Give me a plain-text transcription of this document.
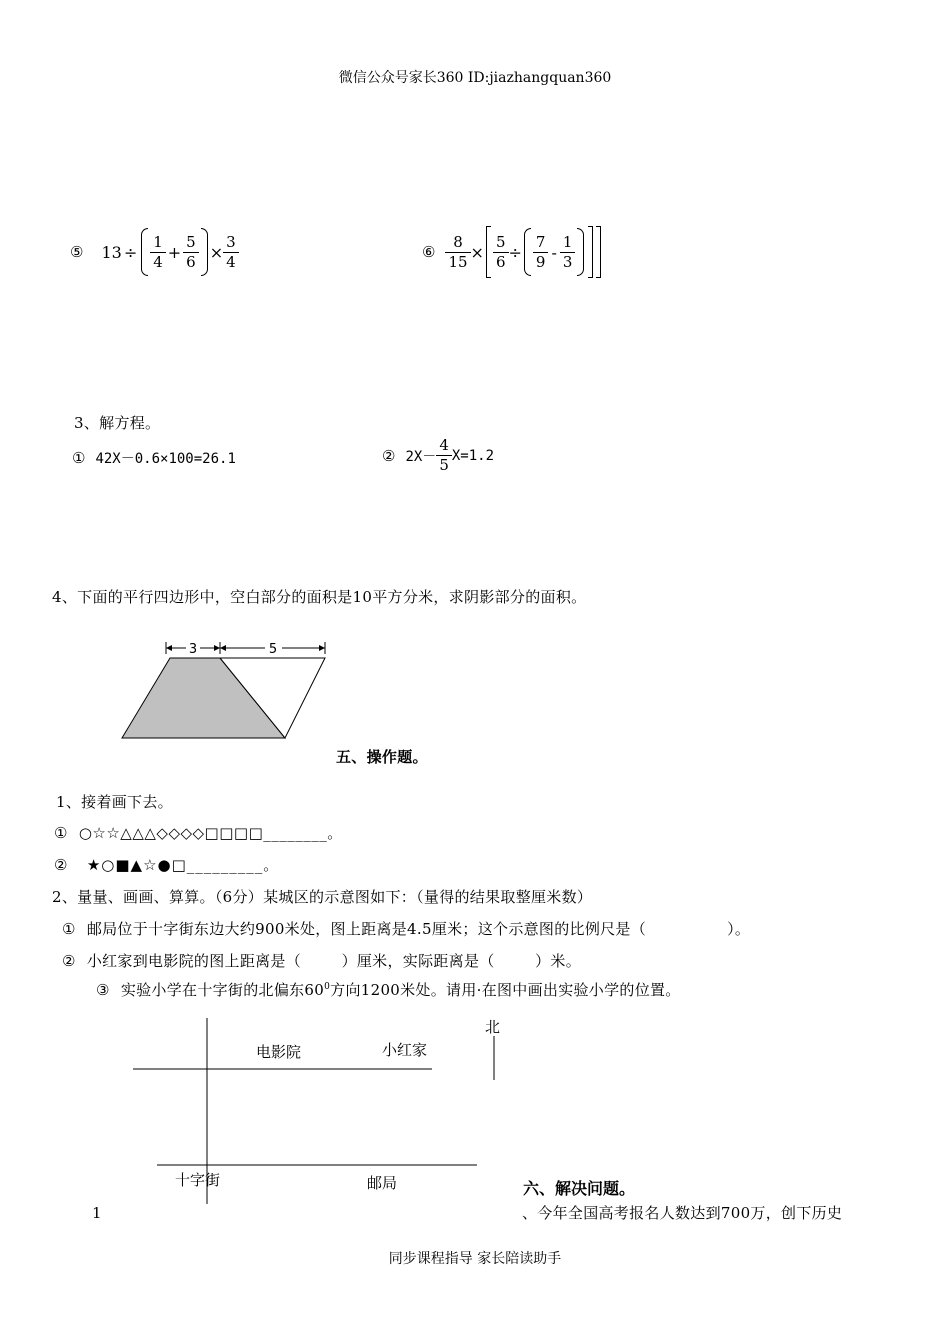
微信公众号家长360 ID:jiazhangquan360
⑤ $13 \div \frac{1}{4} + \frac{5}{6} \times \frac{3}{4}$	⑥ $\frac{8}{15} \times \frac{5}{6} \div \frac{7}{9} - \frac{1}{3}$
3、解方程。
① 42X－0.6×100=26.1	② $2X- \frac{4}{5} X=1.2$
4、下面的平行四边形中，空白部分的面积是10平方分米，求阴影部分的面积。
3	5
五、操作题。
1、接着画下去。
① ○☆☆△△△◇◇◇◇□□□□________。
② ★○■▲☆●□_________。
2、量量、画画、算算。（6分）某城区的示意图如下：（量得的结果取整厘米数）
① 邮局位于十字街东边大约900米处，图上距离是4.5厘米；这个示意图的比例尺是（                ）。
② 小红家到电影院的图上距离是（        ）厘米，实际距离是（        ）米。
③ 实验小学在十字街的北偏东$60^0$方向1200米处。请用·在图中画出实验小学的位置。
北
电影院	小红家
十字街	邮局	六、解决问题。
、今年全国高考报名人数达到700万，创下历史
1
同步课程指导 家长陪读助手
